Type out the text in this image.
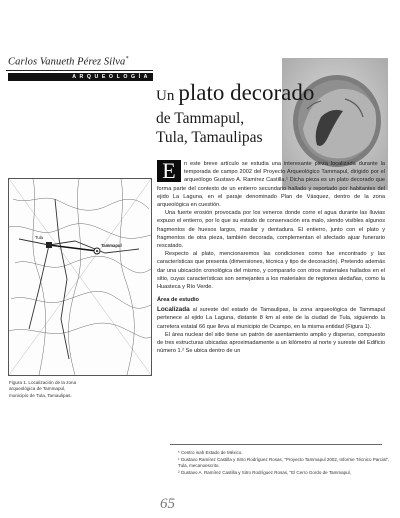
Carlos Vanueth Pérez Silva*
ARQUEOLOGÍA
Un plato decorado
de Tammapul,
Tula, Tamaulipas
Tula
Tammapul
Figura 1. Localización de la zona arqueológica de Tammapul, municipio de Tula, Tamaulipas.

E	n este breve artículo se estudia una interesante pieza localizada durante la temporada de campo 2002 del Proyecto Arqueológico Tammapul, dirigido por el arqueólogo Gustavo A. Ramírez Castilla.¹ Dicha pieza es un plato decorado que forma parte del contexto de un entierro secundario hallado y reportado por habitantes del ejido La Laguna, en el paraje denominado Plan de Vásquez, dentro de la zona arqueológica en cuestión.

Una fuerte erosión provocada por los veneros donde corre el agua durante las lluvias expuso el entierro, por lo que su estado de conservación era malo, siendo visibles algunos fragmentos de huesos largos, maxilar y dentadura. El entierro, junto con el plato y fragmentos de otra pieza, también decorada, complementan el afectado ajuar funerario rescatado.

Respecto al plato, mencionaremos las condiciones como fue encontrado y las características que presenta (dimensiones, técnica y tipo de decoración). Pretendo además dar una ubicación cronológica del mismo, y compararlo con otros materiales hallados en el sitio, cuyas características son semejantes a los materiales de regiones aledañas, como la Huasteca y Río Verde.

Área de estudio

Localizada al sureste del estado de Tamaulipas, la zona arqueológica de Tammapul pertenece al ejido La Laguna, distante 8 km al este de la ciudad de Tula, siguiendo la carretera estatal 66 que lleva al municipio de Ocampo, en la misma entidad (Figura 1).

El área nuclear del sitio tiene un patrón de asentamiento amplio y disperso, compuesto de tres estructuras ubicadas aproximadamente a un kilómetro al norte y sureste del Edificio número 1.² Se ubica dentro de un

* Centro inah Estado de México.

¹ Gustavo Ramírez Castilla y Sitro Rodríguez Rosas, "Proyecto Tammapul 2002, Informe Técnico Parcial", Tula, mecanoescrito.

² Gustavo A. Ramírez Castilla y Sitro Rodríguez Rosas, "El Cerro Gordo de Tammapul,

65
